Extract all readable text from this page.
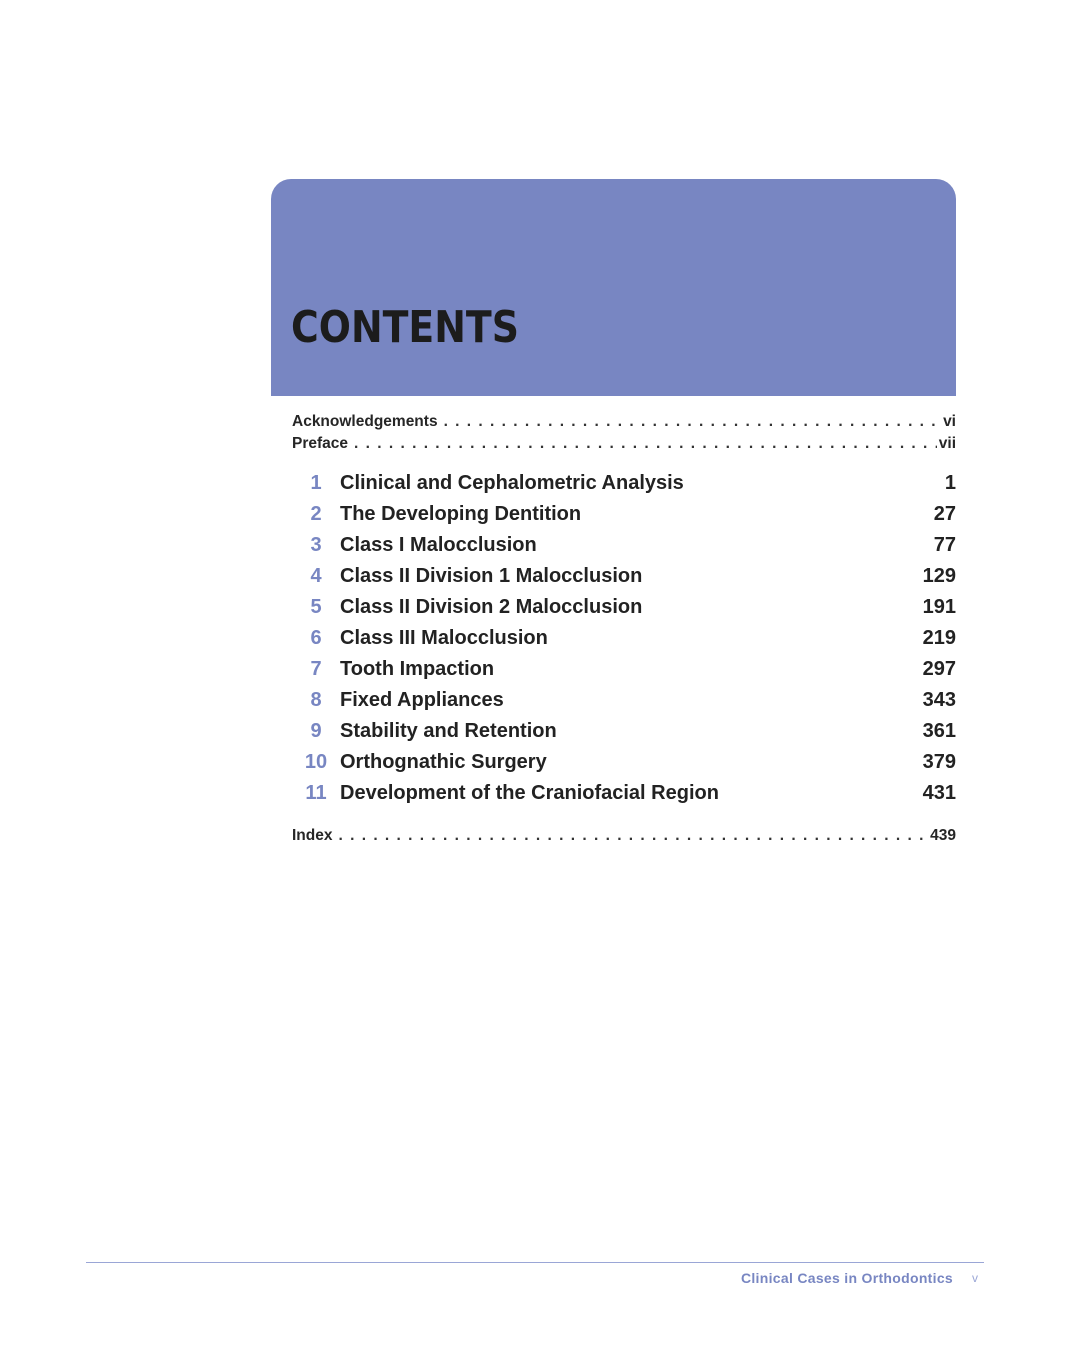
CONTENTS
Acknowledgements . . .	vi
Preface . . .	vii
1 Clinical and Cephalometric Analysis	1
2 The Developing Dentition	27
3 Class I Malocclusion	77
4 Class II Division 1 Malocclusion	129
5 Class II Division 2 Malocclusion	191
6 Class III Malocclusion	219
7 Tooth Impaction	297
8 Fixed Appliances	343
9 Stability and Retention	361
10 Orthognathic Surgery	379
11 Development of the Craniofacial Region	431
Index . . .	439
Clinical Cases in Orthodontics v
